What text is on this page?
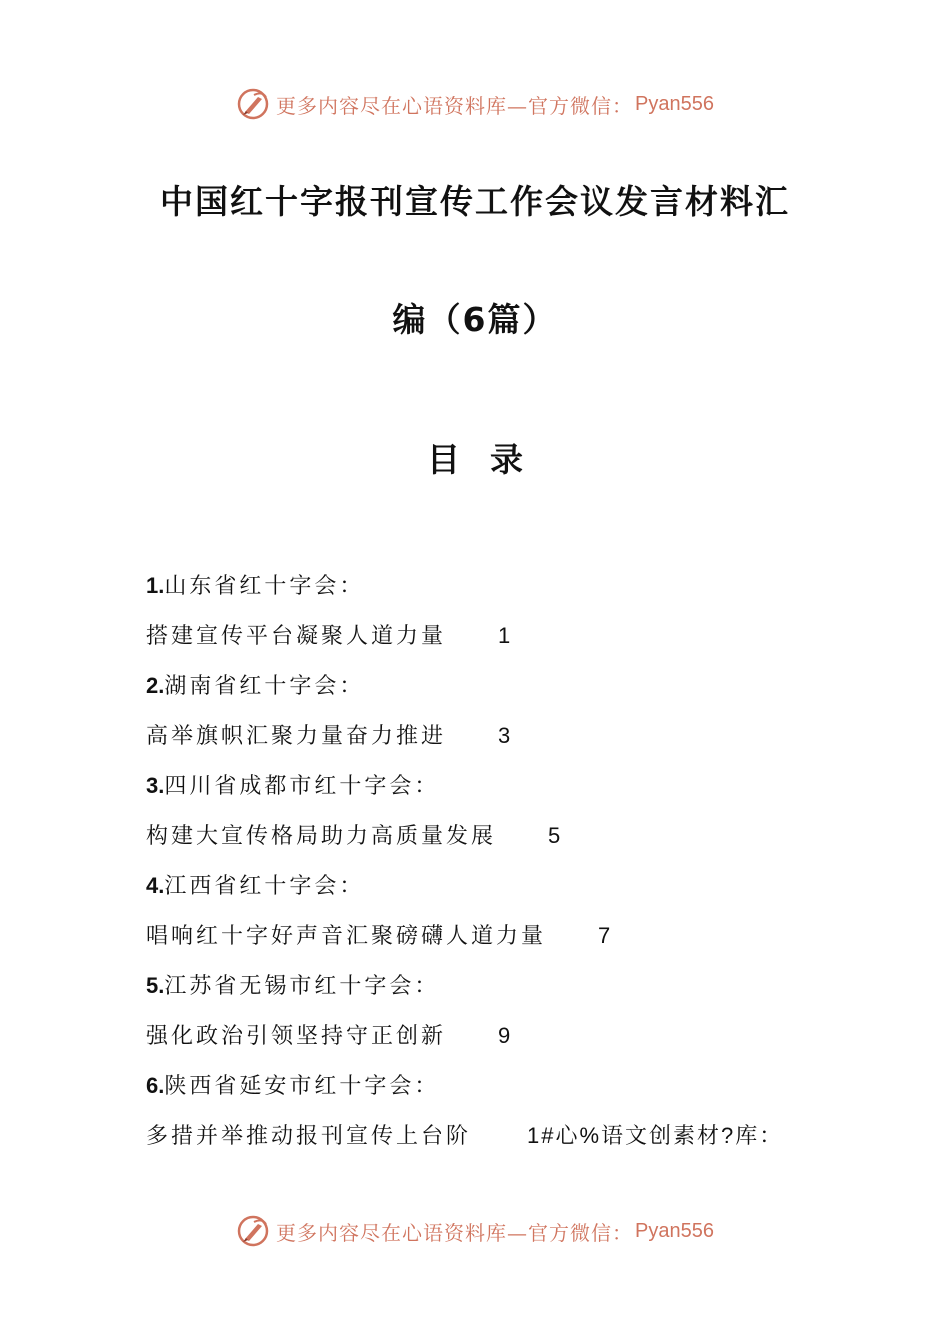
更多内容尽在心语资料库—官方微信： Pyan556
中国红十字报刊宣传工作会议发言材料汇
编（6篇）
目录
1.山东省红十字会：
搭建宣传平台凝聚人道力量 1
2.湖南省红十字会：
高举旗帜汇聚力量奋力推进 3
3.四川省成都市红十字会：
构建大宣传格局助力高质量发展 5
4.江西省红十字会：
唱响红十字好声音汇聚磅礴人道力量 7
5.江苏省无锡市红十字会：
强化政治引领坚持守正创新 9
6.陕西省延安市红十字会：
多措并举推动报刊宣传上台阶	1#心%语文创素材?库：
更多内容尽在心语资料库—官方微信： Pyan556
